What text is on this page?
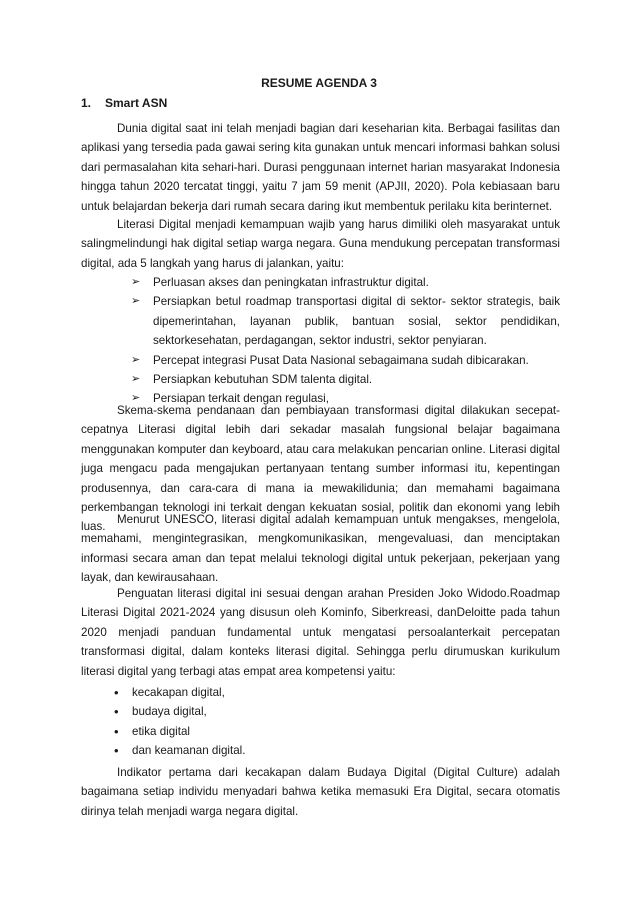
RESUME AGENDA 3
1. Smart ASN

Dunia digital saat ini telah menjadi bagian dari keseharian kita. Berbagai fasilitas dan aplikasi yang tersedia pada gawai sering kita gunakan untuk mencari informasi bahkan solusi dari permasalahan kita sehari-hari. Durasi penggunaan internet harian masyarakat Indonesia hingga tahun 2020 tercatat tinggi, yaitu 7 jam 59 menit (APJII, 2020). Pola kebiasaan baru untuk belajardan bekerja dari rumah secara daring ikut membentuk perilaku kita berinternet.

Literasi Digital menjadi kemampuan wajib yang harus dimiliki oleh masyarakat untuk salingmelindungi hak digital setiap warga negara. Guna mendukung percepatan transformasi digital, ada 5 langkah yang harus di jalankan, yaitu:

➢ Perluasan akses dan peningkatan infrastruktur digital.
➢ Persiapkan betul roadmap transportasi digital di sektor- sektor strategis, baik dipemerintahan, layanan publik, bantuan sosial, sektor pendidikan, sektorkesehatan, perdagangan, sektor industri, sektor penyiaran.
➢ Percepat integrasi Pusat Data Nasional sebagaimana sudah dibicarakan.
➢ Persiapkan kebutuhan SDM talenta digital.
➢ Persiapan terkait dengan regulasi,

Skema-skema pendanaan dan pembiayaan transformasi digital dilakukan secepat-cepatnya Literasi digital lebih dari sekadar masalah fungsional belajar bagaimana menggunakan komputer dan keyboard, atau cara melakukan pencarian online. Literasi digital juga mengacu pada mengajukan pertanyaan tentang sumber informasi itu, kepentingan produsennya, dan cara-cara di mana ia mewakilidunia; dan memahami bagaimana perkembangan teknologi ini terkait dengan kekuatan sosial, politik dan ekonomi yang lebih luas.

Menurut UNESCO, literasi digital adalah kemampuan untuk mengakses, mengelola, memahami, mengintegrasikan, mengkomunikasikan, mengevaluasi, dan menciptakan informasi secara aman dan tepat melalui teknologi digital untuk pekerjaan, pekerjaan yang layak, dan kewirausahaan.

Penguatan literasi digital ini sesuai dengan arahan Presiden Joko Widodo.Roadmap Literasi Digital 2021-2024 yang disusun oleh Kominfo, Siberkreasi, danDeloitte pada tahun 2020 menjadi panduan fundamental untuk mengatasi persoalanterkait percepatan transformasi digital, dalam konteks literasi digital. Sehingga perlu dirumuskan kurikulum literasi digital yang terbagi atas empat area kompetensi yaitu:

• kecakapan digital,
• budaya digital,
• etika digital
• dan keamanan digital.

Indikator pertama dari kecakapan dalam Budaya Digital (Digital Culture) adalah bagaimana setiap individu menyadari bahwa ketika memasuki Era Digital, secara otomatis dirinya telah menjadi warga negara digital.
